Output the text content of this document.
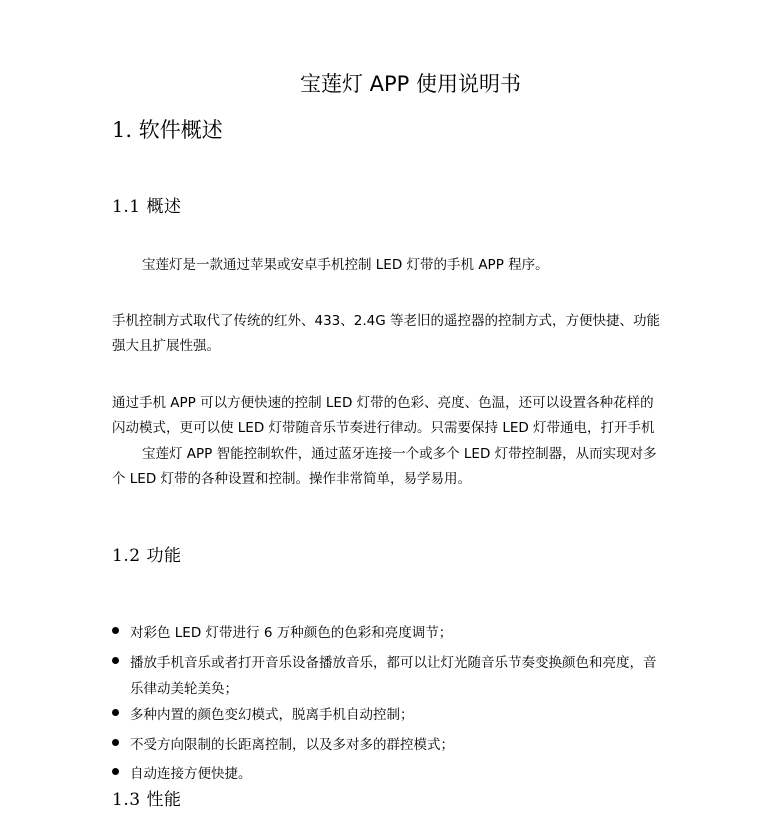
宝莲灯 APP 使用说明书
1. 软件概述
1.1 概述
宝莲灯是一款通过苹果或安卓手机控制 LED 灯带的手机 APP 程序。
手机控制方式取代了传统的红外、433、2.4G 等老旧的遥控器的控制方式，方便快捷、功能
强大且扩展性强。
通过手机 APP 可以方便快速的控制 LED 灯带的色彩、亮度、色温，还可以设置各种花样的
闪动模式，更可以使 LED 灯带随音乐节奏进行律动。只需要保持 LED 灯带通电，打开手机
宝莲灯 APP 智能控制软件，通过蓝牙连接一个或多个 LED 灯带控制器，从而实现对多
个 LED 灯带的各种设置和控制。操作非常简单，易学易用。
1.2 功能
对彩色 LED 灯带进行 6 万种颜色的色彩和亮度调节；
播放手机音乐或者打开音乐设备播放音乐，都可以让灯光随音乐节奏变换颜色和亮度，音
乐律动美轮美奂；
多种内置的颜色变幻模式，脱离手机自动控制；
不受方向限制的长距离控制，以及多对多的群控模式；
自动连接方便快捷。
1.3 性能
